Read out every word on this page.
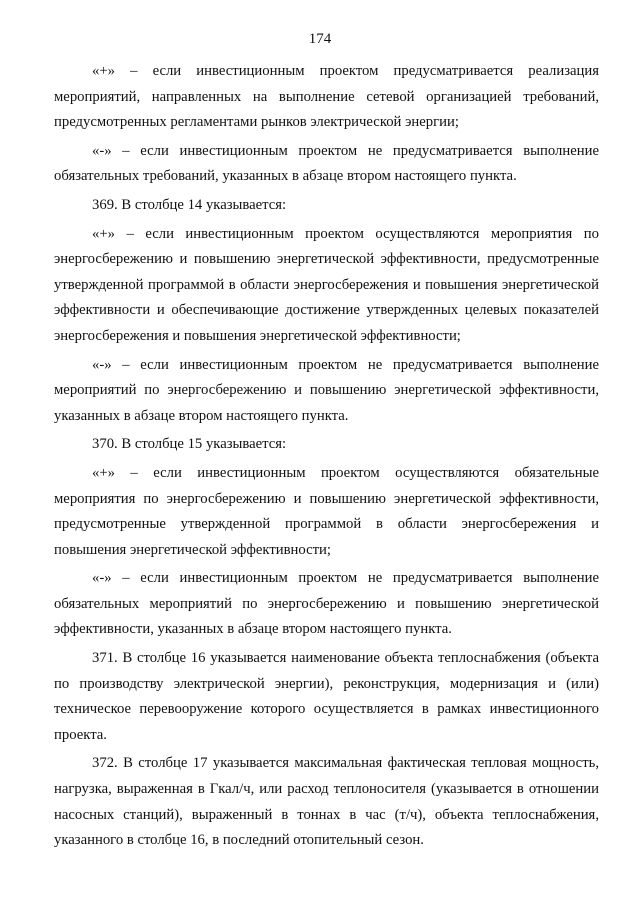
174

«+» – если инвестиционным проектом предусматривается реализация мероприятий, направленных на выполнение сетевой организацией требований, предусмотренных регламентами рынков электрической энергии;

«-» – если инвестиционным проектом не предусматривается выполнение обязательных требований, указанных в абзаце втором настоящего пункта.

369. В столбце 14 указывается:

«+» – если инвестиционным проектом осуществляются мероприятия по энергосбережению и повышению энергетической эффективности, предусмотренные утвержденной программой в области энергосбережения и повышения энергетической эффективности и обеспечивающие достижение утвержденных целевых показателей энергосбережения и повышения энергетической эффективности;

«-» – если инвестиционным проектом не предусматривается выполнение мероприятий по энергосбережению и повышению энергетической эффективности, указанных в абзаце втором настоящего пункта.

370. В столбце 15 указывается:

«+» – если инвестиционным проектом осуществляются обязательные мероприятия по энергосбережению и повышению энергетической эффективности, предусмотренные утвержденной программой в области энергосбережения и повышения энергетической эффективности;

«-» – если инвестиционным проектом не предусматривается выполнение обязательных мероприятий по энергосбережению и повышению энергетической эффективности, указанных в абзаце втором настоящего пункта.

371. В столбце 16 указывается наименование объекта теплоснабжения (объекта по производству электрической энергии), реконструкция, модернизация и (или) техническое перевооружение которого осуществляется в рамках инвестиционного проекта.

372. В столбце 17 указывается максимальная фактическая тепловая мощность, нагрузка, выраженная в Гкал/ч, или расход теплоносителя (указывается в отношении насосных станций), выраженный в тоннах в час (т/ч), объекта теплоснабжения, указанного в столбце 16, в последний отопительный сезон.
